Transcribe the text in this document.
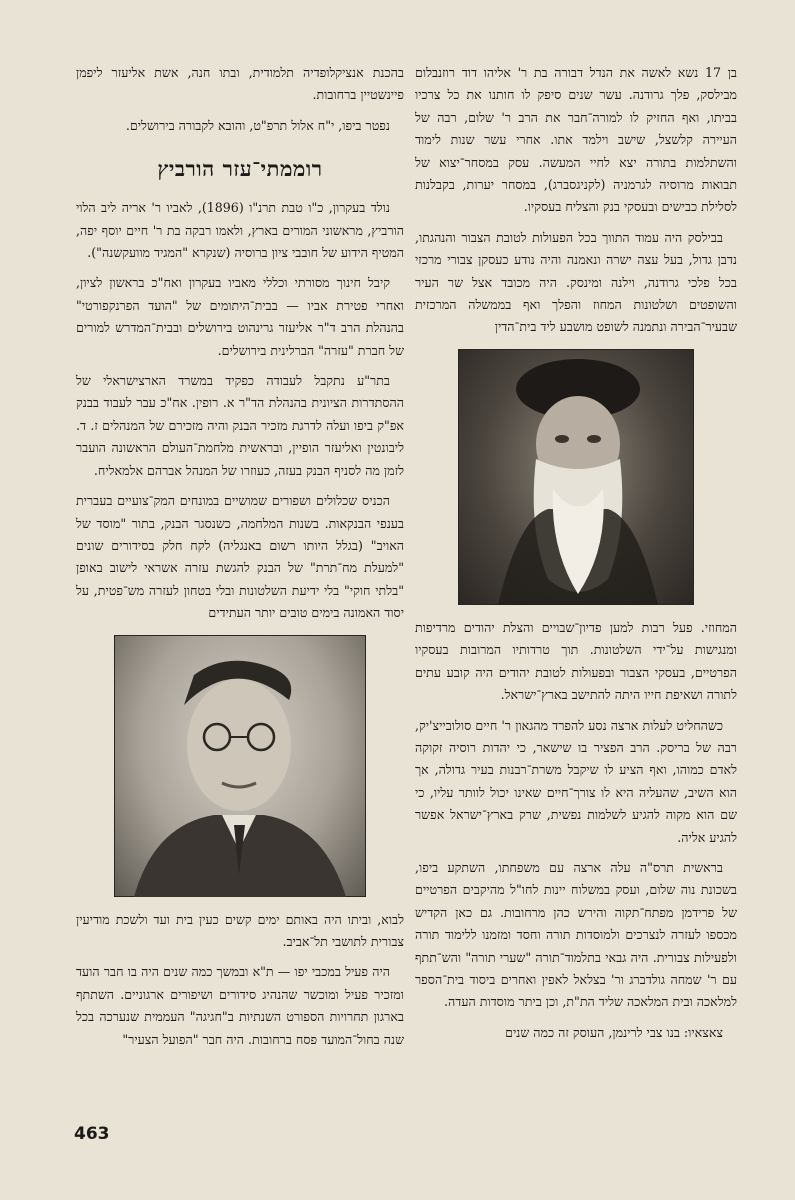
בן 17 נשא לאשה את הנדל דבורה בת ר' אליהו דוד רוזנבלום מבילסק, פלך גרודנה. עשר שנים סיפק לו חותנו את כל צרכיו בביתו, ואף החזיק לו למורה־חבר את הרב ר' שלום, רבה של העיירה קלשצל, שישב וילמד אתו. אחרי עשר שנות לימוד והשתלמות בתורה יצא לחיי המעשה. עסק במסחר־יצוא של תבואות מרוסיה לגרמניה (לקניגסברג), במסחר יערות, בקבלנות לסלילת כבישים ובעסקי בנק והצליח בעסקיו.

בבילסק היה עמוד התווך בכל הפעולות לטובת הצבור והנהגתו, נדבן גדול, בעל עצה ישרה ונאמנה והיה נודע כעסקן צבורי מרכזי בכל פלכי גרודנה, וילנה ומינסק. היה מכובד אצל שר העיר והשופטים ושלטונות המחוז והפלך ואף בממשלה המרכזית שבעיר־הבירה ונתמנה לשופט מושבע ליד בית־הדין

המחוזי. פעל רבות למען פדיון־שבויים והצלת יהודים מרדיפות ומנגישות על־ידי השלטונות. תוך טרדותיו המרובות בעסקיו הפרטיים, בעסקי הצבור ובפעולות לטובת יהודים היה קובע עתים לתורה ושאיפת חייו היתה להתישב בארץ־ישראל.

כשהחליט לעלות ארצה נסע להפרד מהגאון ר' חיים סולובייצ'יק, רבה של בריסק. הרב הפציר בו שישאר, כי יהדות רוסיה זקוקה לאדם כמוהו, ואף הציע לו שיקבל משרת־רבנות בעיר גדולה, אך הוא השיב, שהעליה היא לו צורך־חיים שאינו יכול לוותר עליו, כי שם הוא מקוה להגיע לשלמות נפשית, שרק בארץ־ישראל אפשר להגיע אליה.

בראשית תרס"ה עלה ארצה עם משפחתו, השתקע ביפו, בשכונת נוה שלום, ועסק במשלוח יינות לחו"ל מהיקבים הפרטיים של פרידמן מפתח־תקוה והירש כהן מרחובות. גם כאן הקדיש מכספו לעזרה לנצרכים ולמוסדות תורה וחסד ומזמנו ללימוד תורה ולפעילות צבורית. היה גבאי בתלמוד־תורה "שערי תורה" והש־תתף עם ר' שמחה גולדברג ור' בצלאל לאפין ואחרים ביסוד בית־הספר למלאכה ובית המלאכה שליד הת"ת, וכן ביתר מוסדות העדה.

צאצאיו: בנו צבי לרינמן, העוסק זה כמה שנים

בהכנת אנציקלופדיה תלמודית, ובתו חנה, אשת אליעזר ליפמן פיינשטיין ברחובות.

נפטר ביפו, י"ח אלול תרפ"ט, והובא לקבורה בירושלים.

רוממתי־עזר הורביץ

נולד בעקרון, כ"ו טבת תרנ"ו (1896), לאביו ר' אריה ליב הלוי הורביץ, מראשוני המורים בארץ, ולאמו רבקה בת ר' חיים יוסף יפה, המטיף הידוע של חובבי ציון ברוסיה (שנקרא "המגיד מוועקשנה").

קיבל חינוך מסורתי וכללי מאביו בעקרון ואח"כ בראשון לציון, ואחרי פטירת אביו — בבית־היתומים של "הועד הפרנקפורטי" בהנהלת הרב ד"ר אליעזר גרינהוט בירושלים ובבית־המדרש למורים של חברת "עזרה" הברלינית בירושלים.

בתר"ע נתקבל לעבודה כפקיד במשרד הארצישראלי של ההסתדרות הציונית בהנהלת הד"ר א. רופין. אח"כ עבר לעבוד בבנק אפ"ק ביפו ועלה לדרגת מזכיר הבנק והיה מזכירם של המנהלים ז. ד. ליבונטין ואליעזר הופיין, ובראשית מלחמת־העולם הראשונה הועבר לזמן מה לסניף הבנק בעזה, כעוזרו של המנהל אברהם אלמאליח.

הכניס שכלולים ושפורים שמושיים במונחים המק־צועיים בעברית בענפי הבנקאות. בשנות המלחמה, כשנסגר הבנק, בתור "מוסד של האויב" (בגלל היותו רשום באנגליה) לקח חלק בסידורים שונים "למעלת מח־תרת" של הבנק להגשת עזרה אשראי לישוב באופן "בלתי חוקי" בלי ידיעת השלטונות ובלי בטחון לעזרה מש־פטית, על יסוד האמונה בימים טובים יותר העתידים

לבוא, וביתו היה באותם ימים קשים כעין בית ועד ולשכת מודיעין צבורית לתושבי תל־אביב.

היה פעיל במכבי יפו — ת"א ובמשך כמה שנים היה בו חבר הועד ומזכיר פעיל ומוכשר שהנהיג סידורים ושיפורים ארגוניים. השתתף בארגון תחרויות הספורט השנתיות ב"חגיגה" העממית שנערכה בכל שנה בחול־המועד פסח ברחובות. היה חבר "הפועל הצעיר"

463
